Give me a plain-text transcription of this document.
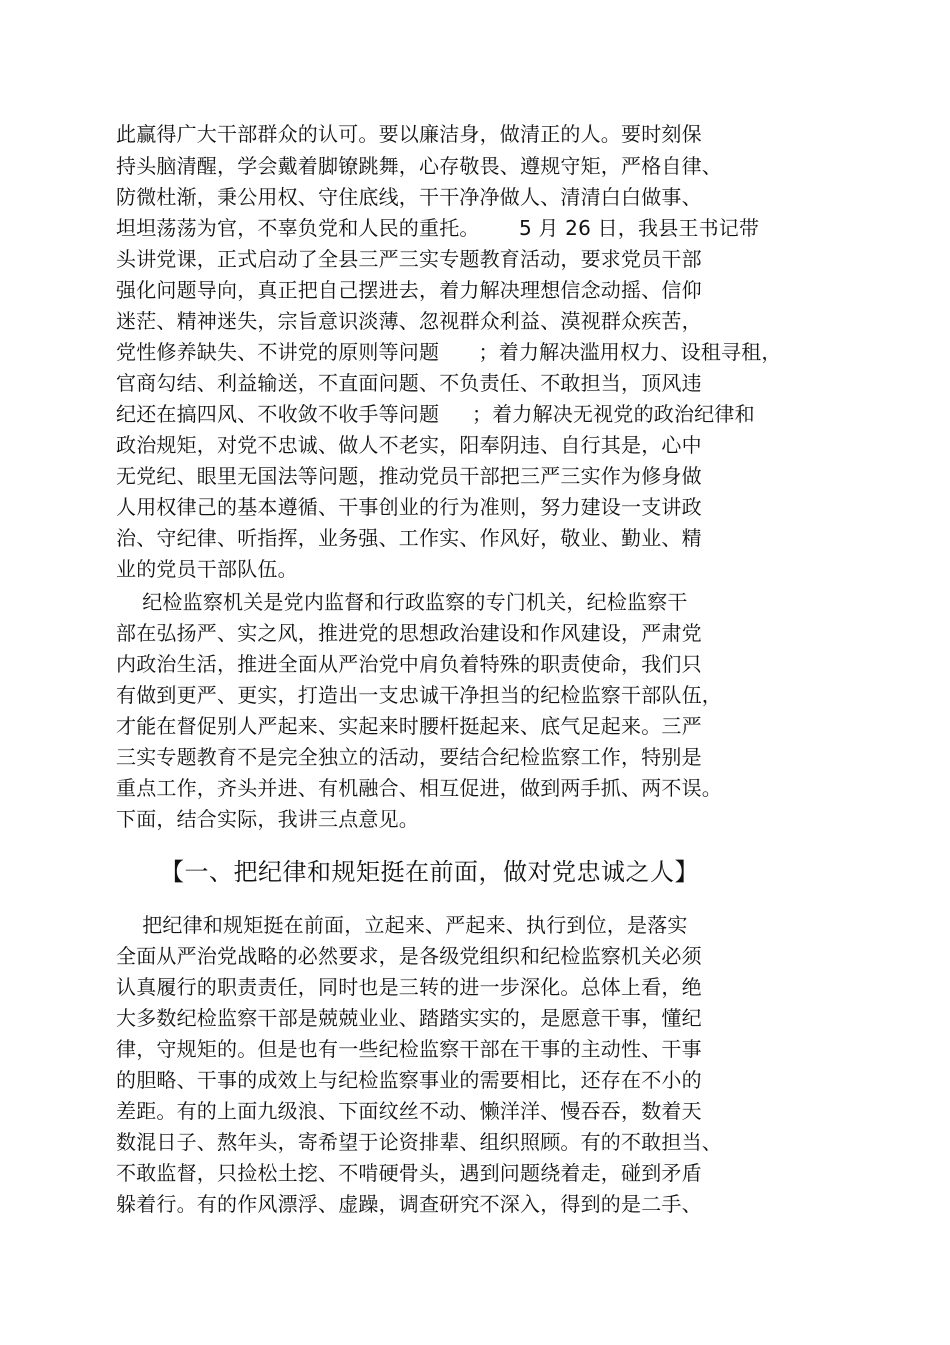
此赢得广大干部群众的认可。要以廉洁身，做清正的人。要时刻保
持头脑清醒，学会戴着脚镣跳舞，心存敬畏、遵规守矩，严格自律、
防微杜渐，秉公用权、守住底线，干干净净做人、清清白白做事、
坦坦荡荡为官，不辜负党和人民的重托。      5 月 26 日，我县王书记带
头讲党课，正式启动了全县三严三实专题教育活动，要求党员干部
强化问题导向，真正把自己摆进去，着力解决理想信念动摇、信仰
迷茫、精神迷失，宗旨意识淡薄、忽视群众利益、漠视群众疾苦，
党性修养缺失、不讲党的原则等问题      ；着力解决滥用权力、设租寻租，
官商勾结、利益输送，不直面问题、不负责任、不敢担当，顶风违
纪还在搞四风、不收敛不收手等问题     ；着力解决无视党的政治纪律和
政治规矩，对党不忠诚、做人不老实，阳奉阴违、自行其是，心中
无党纪、眼里无国法等问题，推动党员干部把三严三实作为修身做
人用权律己的基本遵循、干事创业的行为准则，努力建设一支讲政
治、守纪律、听指挥，业务强、工作实、作风好，敬业、勤业、精
业的党员干部队伍。
纪检监察机关是党内监督和行政监察的专门机关，纪检监察干
部在弘扬严、实之风，推进党的思想政治建设和作风建设，严肃党
内政治生活，推进全面从严治党中肩负着特殊的职责使命，我们只
有做到更严、更实，打造出一支忠诚干净担当的纪检监察干部队伍，
才能在督促别人严起来、实起来时腰杆挺起来、底气足起来。三严
三实专题教育不是完全独立的活动，要结合纪检监察工作，特别是
重点工作，齐头并进、有机融合、相互促进，做到两手抓、两不误。
下面，结合实际，我讲三点意见。
【一、把纪律和规矩挺在前面，做对党忠诚之人】
把纪律和规矩挺在前面，立起来、严起来、执行到位，是落实
全面从严治党战略的必然要求，是各级党组织和纪检监察机关必须
认真履行的职责责任，同时也是三转的进一步深化。总体上看，绝
大多数纪检监察干部是兢兢业业、踏踏实实的，是愿意干事，懂纪
律，守规矩的。但是也有一些纪检监察干部在干事的主动性、干事
的胆略、干事的成效上与纪检监察事业的需要相比，还存在不小的
差距。有的上面九级浪、下面纹丝不动、懒洋洋、慢吞吞，数着天
数混日子、熬年头，寄希望于论资排辈、组织照顾。有的不敢担当、
不敢监督，只捡松土挖、不啃硬骨头，遇到问题绕着走，碰到矛盾
躲着行。有的作风漂浮、虚躁，调查研究不深入，得到的是二手、
